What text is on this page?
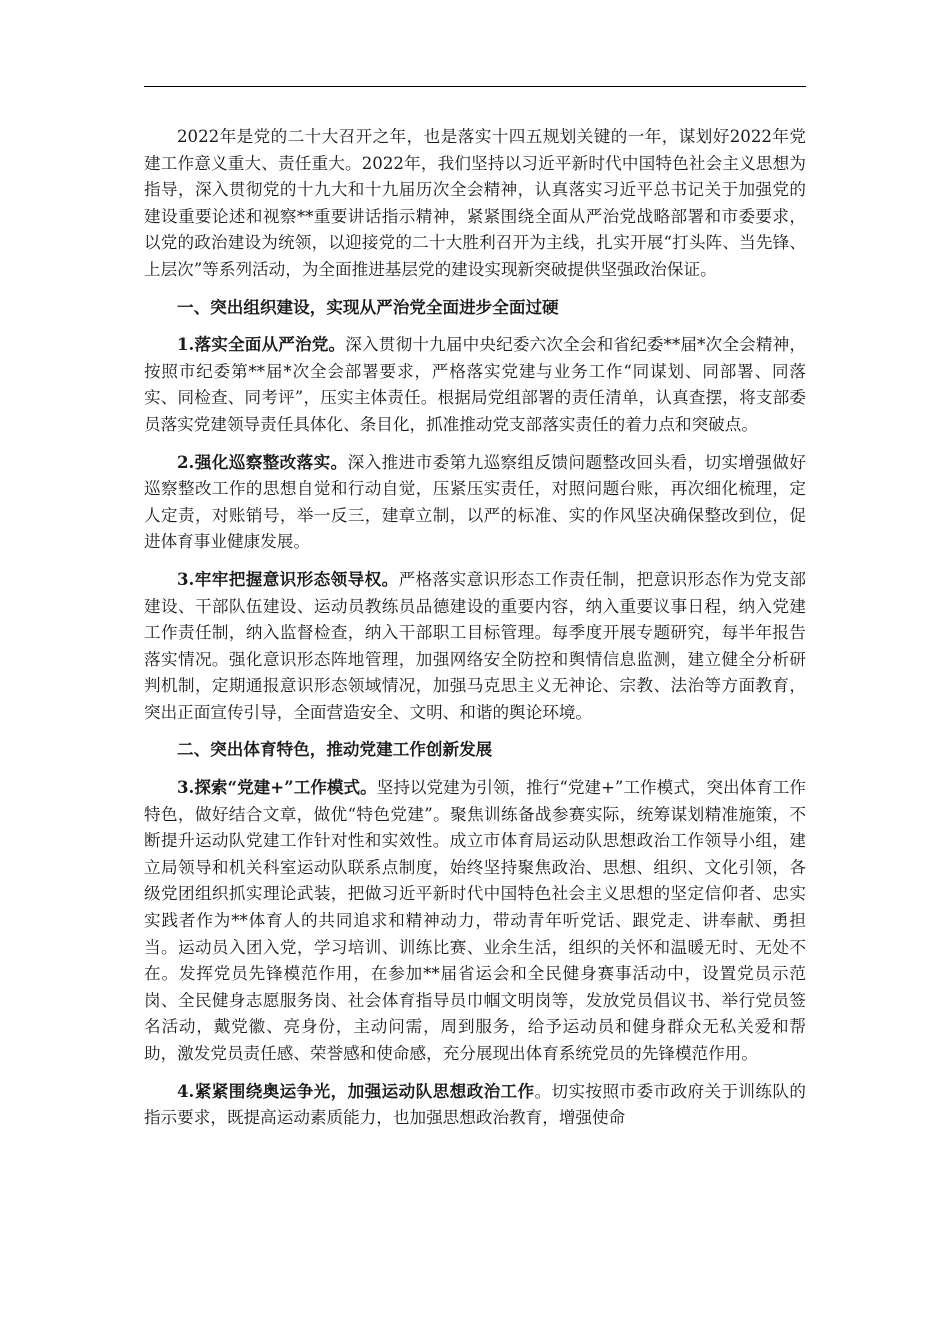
2022年是党的二十大召开之年，也是落实十四五规划关键的一年，谋划好2022年党建工作意义重大、责任重大。2022年，我们坚持以习近平新时代中国特色社会主义思想为指导，深入贯彻党的十九大和十九届历次全会精神，认真落实习近平总书记关于加强党的建设重要论述和视察**重要讲话指示精神，紧紧围绕全面从严治党战略部署和市委要求，以党的政治建设为统领，以迎接党的二十大胜利召开为主线，扎实开展“打头阵、当先锋、上层次”等系列活动，为全面推进基层党的建设实现新突破提供坚强政治保证。

一、突出组织建设，实现从严治党全面进步全面过硬

1.落实全面从严治党。深入贯彻十九届中央纪委六次全会和省纪委**届*次全会精神，按照市纪委第**届*次全会部署要求，严格落实党建与业务工作“同谋划、同部署、同落实、同检查、同考评”，压实主体责任。根据局党组部署的责任清单，认真查摆，将支部委员落实党建领导责任具体化、条目化，抓准推动党支部落实责任的着力点和突破点。

2.强化巡察整改落实。深入推进市委第九巡察组反馈问题整改回头看，切实增强做好巡察整改工作的思想自觉和行动自觉，压紧压实责任，对照问题台账，再次细化梳理，定人定责，对账销号，举一反三，建章立制，以严的标准、实的作风坚决确保整改到位，促进体育事业健康发展。

3.牢牢把握意识形态领导权。严格落实意识形态工作责任制，把意识形态作为党支部建设、干部队伍建设、运动员教练员品德建设的重要内容，纳入重要议事日程，纳入党建工作责任制，纳入监督检查，纳入干部职工目标管理。每季度开展专题研究，每半年报告落实情况。强化意识形态阵地管理，加强网络安全防控和舆情信息监测，建立健全分析研判机制，定期通报意识形态领域情况，加强马克思主义无神论、宗教、法治等方面教育，突出正面宣传引导，全面营造安全、文明、和谐的舆论环境。

二、突出体育特色，推动党建工作创新发展

3.探索“党建+”工作模式。坚持以党建为引领，推行“党建+”工作模式，突出体育工作特色，做好结合文章，做优“特色党建”。聚焦训练备战参赛实际，统筹谋划精准施策，不断提升运动队党建工作针对性和实效性。成立市体育局运动队思想政治工作领导小组，建立局领导和机关科室运动队联系点制度，始终坚持聚焦政治、思想、组织、文化引领，各级党团组织抓实理论武装，把做习近平新时代中国特色社会主义思想的坚定信仰者、忠实实践者作为**体育人的共同追求和精神动力，带动青年听党话、跟党走、讲奉献、勇担当。运动员入团入党，学习培训、训练比赛、业余生活，组织的关怀和温暖无时、无处不在。发挥党员先锋模范作用，在参加**届省运会和全民健身赛事活动中，设置党员示范岗、全民健身志愿服务岗、社会体育指导员巾帼文明岗等，发放党员倡议书、举行党员签名活动，戴党徽、亮身份，主动问需，周到服务，给予运动员和健身群众无私关爱和帮助，激发党员责任感、荣誉感和使命感，充分展现出体育系统党员的先锋模范作用。

4.紧紧围绕奥运争光，加强运动队思想政治工作。切实按照市委市政府关于训练队的指示要求，既提高运动素质能力，也加强思想政治教育，增强使命
